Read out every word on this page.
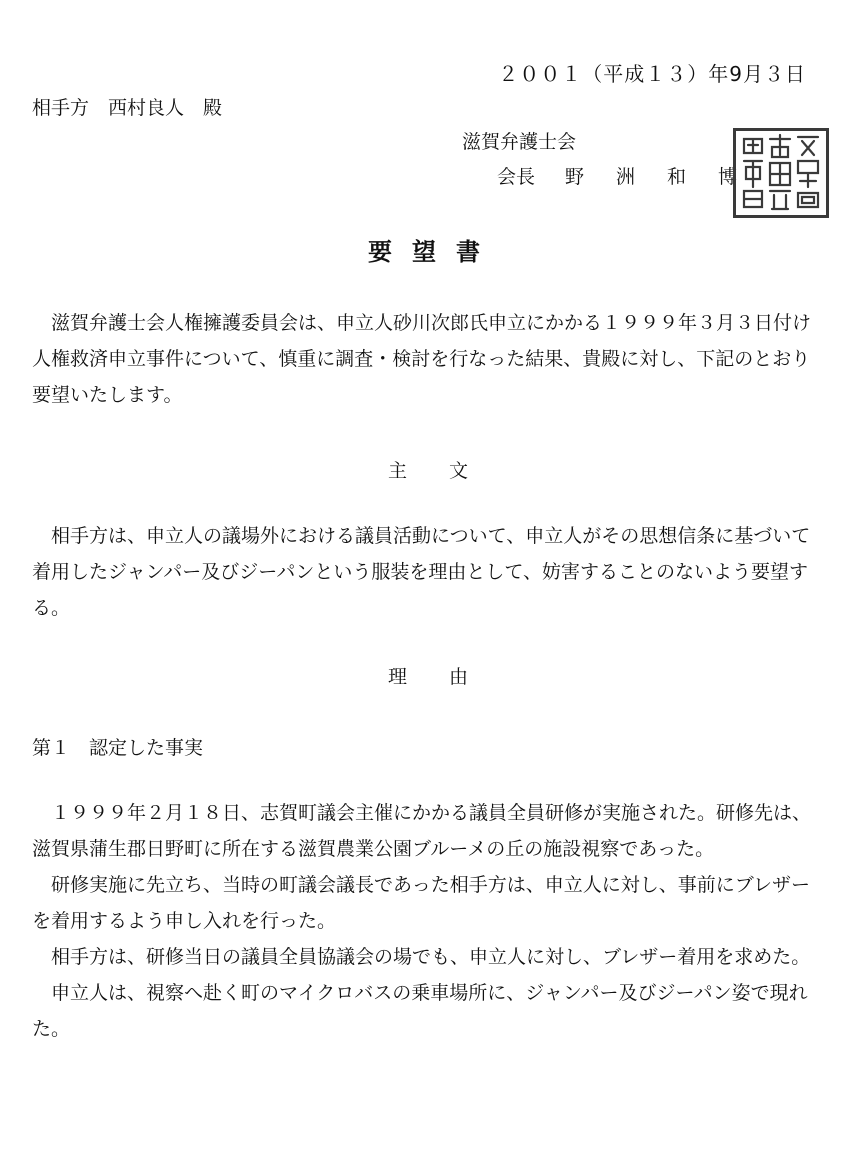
２００１（平成１３）年9月３日
相手方　西村良人　殿
滋賀弁護士会
会長 野洲和博
要望書

滋賀弁護士会人権擁護委員会は、申立人砂川次郎氏申立にかかる１９９９年３月３日付け人権救済申立事件について、慎重に調査・検討を行なった結果、貴殿に対し、下記のとおり要望いたします。

主文

相手方は、申立人の議場外における議員活動について、申立人がその思想信条に基づいて着用したジャンパー及びジーパンという服装を理由として、妨害することのないよう要望する。

理由
第１　認定した事実

　１９９９年２月１８日、志賀町議会主催にかかる議員全員研修が実施された。研修先は、滋賀県蒲生郡日野町に所在する滋賀農業公園ブルーメの丘の施設視察であった。

研修実施に先立ち、当時の町議会議長であった相手方は、申立人に対し、事前にブレザーを着用するよう申し入れを行った。

相手方は、研修当日の議員全員協議会の場でも、申立人に対し、ブレザー着用を求めた。

申立人は、視察へ赴く町のマイクロバスの乗車場所に、ジャンパー及びジーパン姿で現れた。
